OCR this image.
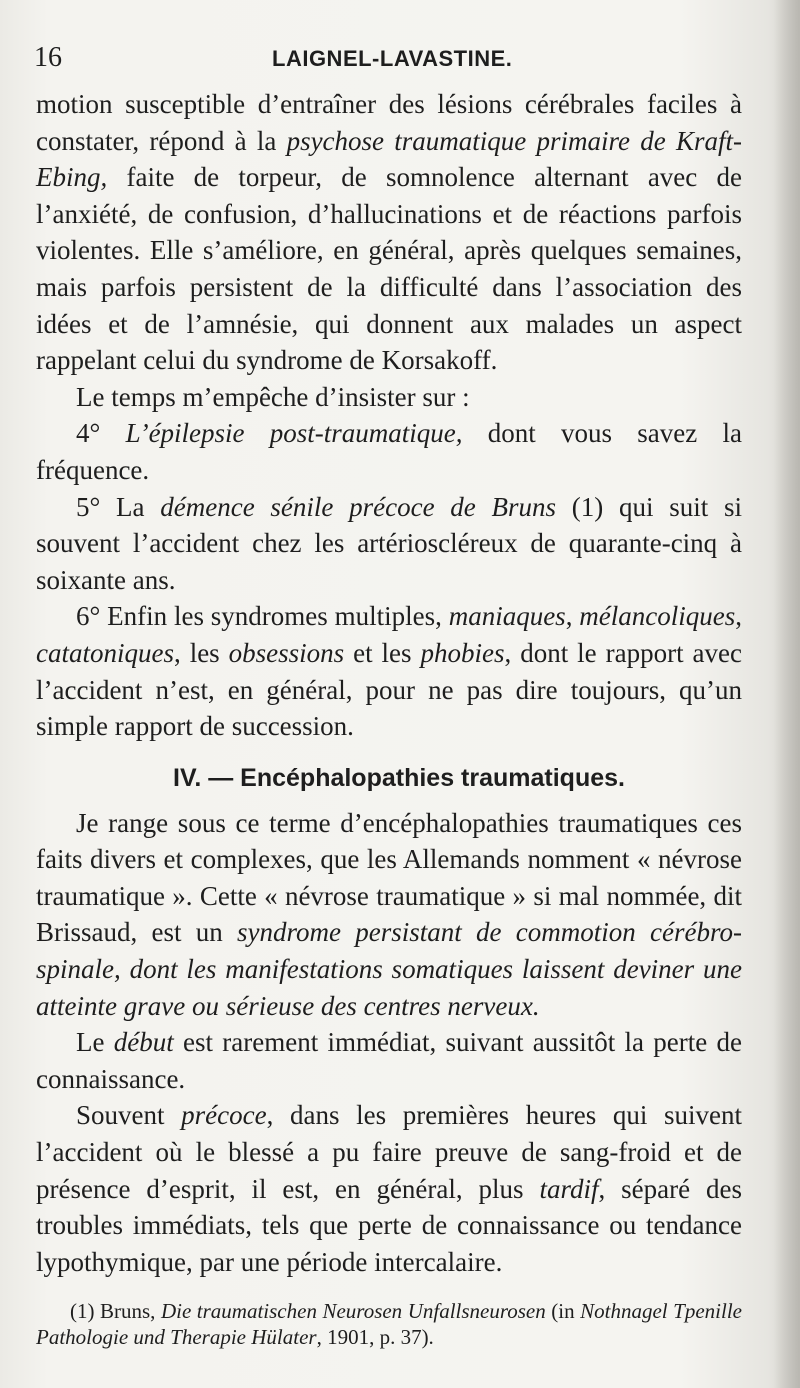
16	LAIGNEL-LAVASTINE.

motion susceptible d’entraîner des lésions cérébrales faciles à constater, répond à la psychose traumatique primaire de Kraft-Ebing, faite de torpeur, de somnolence alternant avec de l’anxiété, de confusion, d’hallucinations et de réactions parfois violentes. Elle s’améliore, en général, après quelques semaines, mais parfois persistent de la difficulté dans l’association des idées et de l’amnésie, qui donnent aux malades un aspect rappelant celui du syndrome de Korsakoff.

Le temps m’empêche d’insister sur :

4° L’épilepsie post-traumatique, dont vous savez la fréquence.

5° La démence sénile précoce de Bruns (1) qui suit si souvent l’accident chez les artérioscléreux de quarante-cinq à soixante ans.

6° Enfin les syndromes multiples, maniaques, mélancoliques, catatoniques, les obsessions et les phobies, dont le rapport avec l’accident n’est, en général, pour ne pas dire toujours, qu’un simple rapport de succession.

IV. — Encéphalopathies traumatiques.

Je range sous ce terme d’encéphalopathies traumatiques ces faits divers et complexes, que les Allemands nomment « névrose traumatique ». Cette « névrose traumatique » si mal nommée, dit Brissaud, est un syndrome persistant de commotion cérébro-spinale, dont les manifestations somatiques laissent deviner une atteinte grave ou sérieuse des centres nerveux.

Le début est rarement immédiat, suivant aussitôt la perte de connaissance.

Souvent précoce, dans les premières heures qui suivent l’accident où le blessé a pu faire preuve de sang-froid et de présence d’esprit, il est, en général, plus tardif, séparé des troubles immédiats, tels que perte de connaissance ou tendance lypothymique, par une période intercalaire.

(1) Bruns, Die traumatischen Neurosen Unfallsneurosen (in Nothnagel Tpenille Pathologie und Therapie Hülater, 1901, p. 37).
